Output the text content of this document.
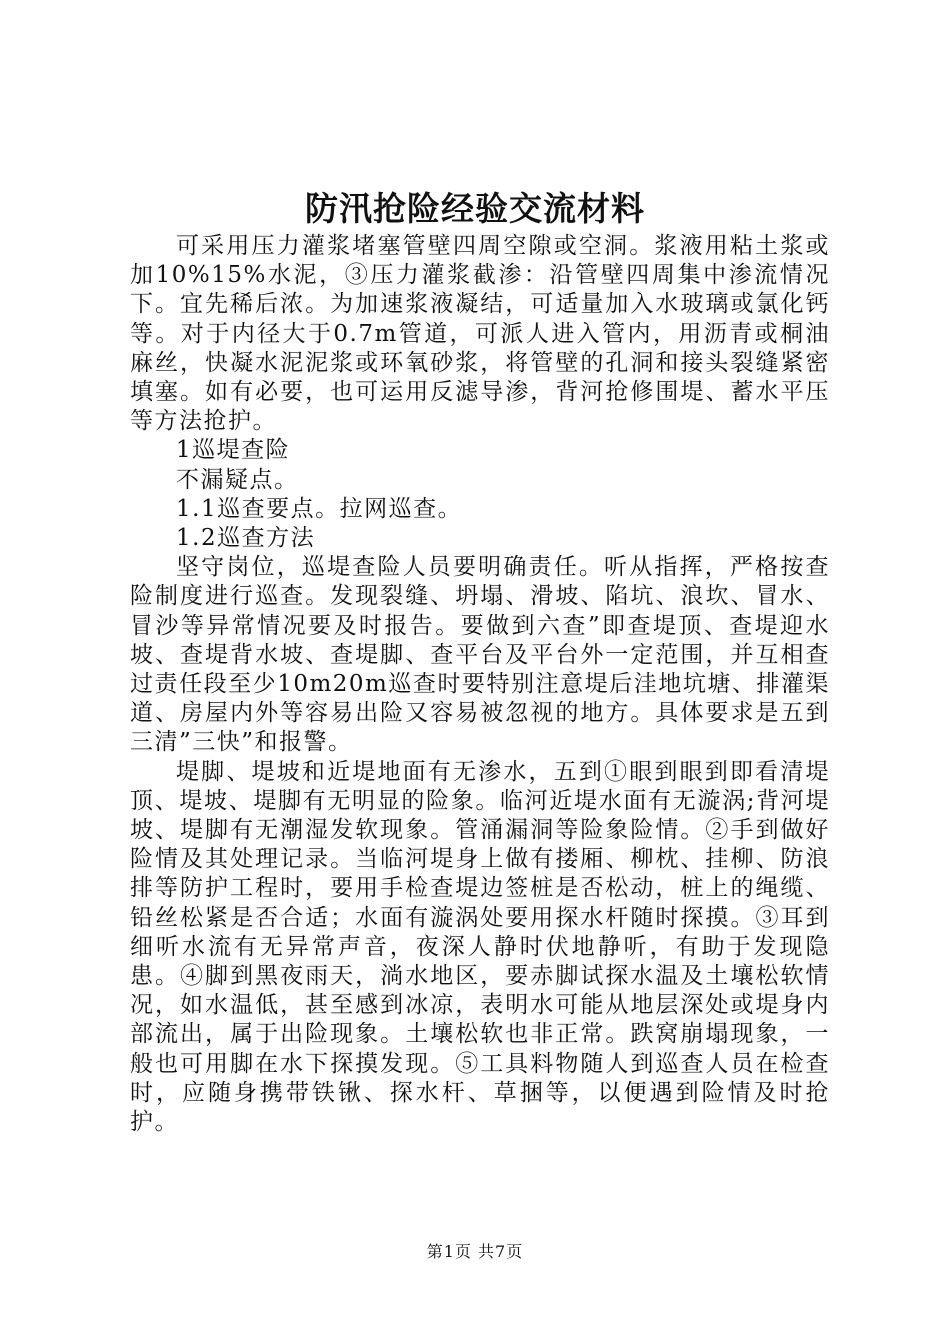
防汛抢险经验交流材料

可采用压力灌浆堵塞管壁四周空隙或空洞。浆液用粘土浆或加10%15%水泥，③压力灌浆截渗：沿管壁四周集中渗流情况下。宜先稀后浓。为加速浆液凝结，可适量加入水玻璃或氯化钙等。对于内径大于0.7m管道，可派人进入管内，用沥青或桐油麻丝，快凝水泥泥浆或环氧砂浆，将管壁的孔洞和接头裂缝紧密填塞。如有必要，也可运用反滤导渗，背河抢修围堤、蓄水平压等方法抢护。

1巡堤查险

不漏疑点。

1.1巡查要点。拉网巡查。

1.2巡查方法

坚守岗位，巡堤查险人员要明确责任。听从指挥，严格按查险制度进行巡查。发现裂缝、坍塌、滑坡、陷坑、浪坎、冒水、冒沙等异常情况要及时报告。要做到六查”即查堤顶、查堤迎水坡、查堤背水坡、查堤脚、查平台及平台外一定范围，并互相查过责任段至少10m20m巡查时要特别注意堤后洼地坑塘、排灌渠道、房屋内外等容易出险又容易被忽视的地方。具体要求是五到三清”三快”和报警。

堤脚、堤坡和近堤地面有无渗水，五到①眼到眼到即看清堤顶、堤坡、堤脚有无明显的险象。临河近堤水面有无漩涡;背河堤坡、堤脚有无潮湿发软现象。管涌漏洞等险象险情。②手到做好险情及其处理记录。当临河堤身上做有搂厢、柳枕、挂柳、防浪排等防护工程时，要用手检查堤边签桩是否松动，桩上的绳缆、铅丝松紧是否合适；水面有漩涡处要用探水杆随时探摸。③耳到细听水流有无异常声音，夜深人静时伏地静听，有助于发现隐患。④脚到黑夜雨天，淌水地区，要赤脚试探水温及土壤松软情况，如水温低，甚至感到冰凉，表明水可能从地层深处或堤身内部流出，属于出险现象。土壤松软也非正常。跌窝崩塌现象，一般也可用脚在水下探摸发现。⑤工具料物随人到巡查人员在检查时，应随身携带铁锹、探水杆、草捆等，以便遇到险情及时抢护。

第1页 共7页
